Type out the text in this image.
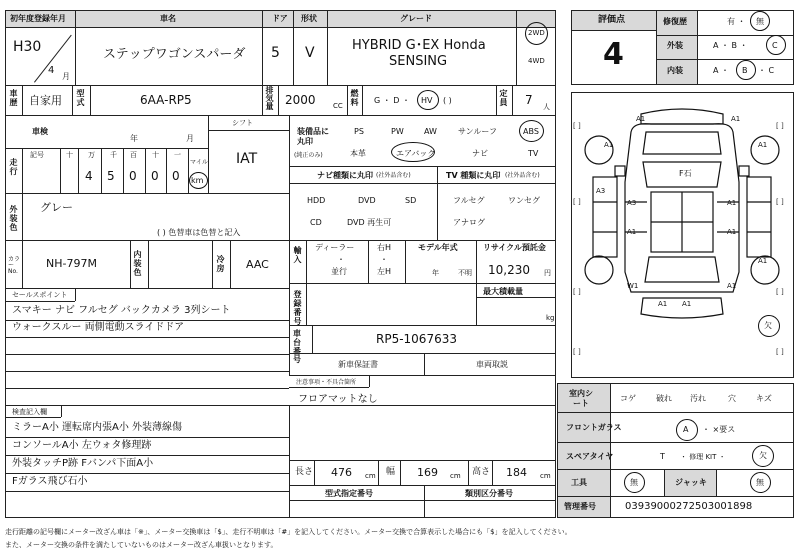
初年度登録年月	車名	ドア 形状	グレード
H30
4
月
ステップワゴンスパーダ 5 V	HYBRID G･EX Honda
SENSING
2WD
4WD
車歴 自家用 型式	6AA-RP5	排気量 2000 CC 燃料 G ・ D ・ HV ( )	定員 7 人
車検
年	月
走行
記号	十 万 千 百 十 一
4 5 0 0 0
マイル
km
シフト
IAT
装備品に丸印
(純正のみ)
PS	PW	AW	サンルーフ	ABS
本革	エアバック	ナビ	TV
ナビ種類に丸印 (社外品含む)	TV 種類に丸印 (社外品含む)
HDD	DVD	SD
CD	DVD 再生可
フルセグ	ワンセグ
アナログ
外装色 グレー
( ) 色替車は色替と記入
カラーNo.
NH-797M	内装色	冷房 AAC
輸入 ディーラー
並行
・
右H
左H
・
モデル年式
年	不明
リサイクル預託金
10,230 円
登録番号	最大積載量
kg
車台番号
RP5-1067633
新車保証書	車両取説
注意事項・不具合箇所
フロアマットなし
セールスポイント
スマキー ナビ フルセグ バックカメラ 3列シート
ウォークスルー 両側電動スライドドア
検査記入欄
ミラーA小 運転席内張A小 外装薄線傷
コンソールA小 左ウォタ修理跡
外装タッチP跡 Fバンパ下面A小
Fガラス飛び石小
長さ 476 cm 幅 169 cm 高さ 184 cm
型式指定番号	類別区分番号
評価点
4
修復歴	有 ・ 無
外装	A ・ B ・	C
内装	A ・ B ・ C
[ ]	[ ]
[ ]	[ ]
[ ]	[ ]
[ ]	[ ]
A1	A1
A1	A1
A3
A3	A1
A1	A1
A1
W1	A1
A1 A1
F石
欠
室内シート
コゲ	破れ 汚れ	穴	キズ
フロントガラス	A ・ ×要ス
スペアタイヤ	T ・ 修理 KIT ・	欠
工具	無	ジャッキ	無
管理番号	0393900027250300189​8
走行距離の記号欄にメーター改ざん車は「※」、メーター交換車は「$」、走行不明車は「#」を記入してください。メーター交換で合算表示した場合にも「$」を記入してください。
また、メーター交換の条件を満たしていないものはメーター改ざん車扱いとなります。
